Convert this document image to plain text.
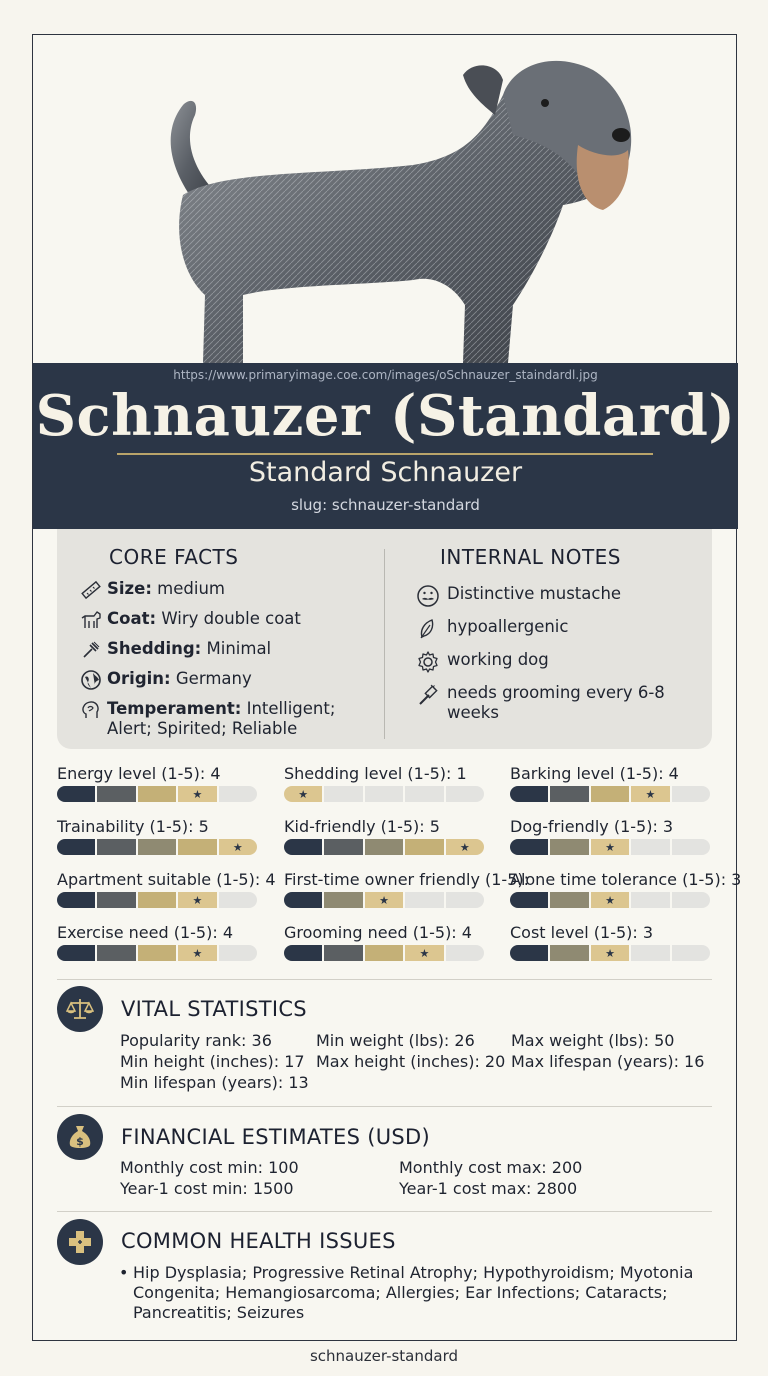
https://www.primaryimage.coe.com/images/oSchnauzer_staindardl.jpg
Schnauzer (Standard)
Standard Schnauzer
slug: schnauzer-standard
CORE FACTS	INTERNAL NOTES
Size: medium
Coat: Wiry double coat
Shedding: Minimal
Origin: Germany
Temperament: Intelligent; Alert; Spirited; Reliable
Distinctive mustache
hypoallergenic
working dog
needs grooming every 6-8 weeks
Energy level (1-5): 4
★
Shedding level (1-5): 1
★
Barking level (1-5): 4
★
Trainability (1-5): 5
★
Kid-friendly (1-5): 5
★
Dog-friendly (1-5): 3
★
Apartment suitable (1-5): 4
★
First-time owner friendly (1-5):
★
Alone time tolerance (1-5): 3
★
Exercise need (1-5): 4
★
Grooming need (1-5): 4
★
Cost level (1-5): 3
★
VITAL STATISTICS
Popularity rank: 36	Min weight (lbs): 26 Max weight (lbs): 50
Min height (inches): 17 Max height (inches): 20 Max lifespan (years): 16
Min lifespan (years): 13
$ FINANCIAL ESTIMATES (USD)
Monthly cost min: 100	Monthly cost max: 200
Year-1 cost min: 1500	Year-1 cost max: 2800
COMMON HEALTH ISSUES
• Hip Dysplasia; Progressive Retinal Atrophy; Hypothyroidism; Myotonia Congenita; Hemangiosarcoma; Allergies; Ear Infections; Cataracts; Pancreatitis; Seizures
schnauzer-standard
